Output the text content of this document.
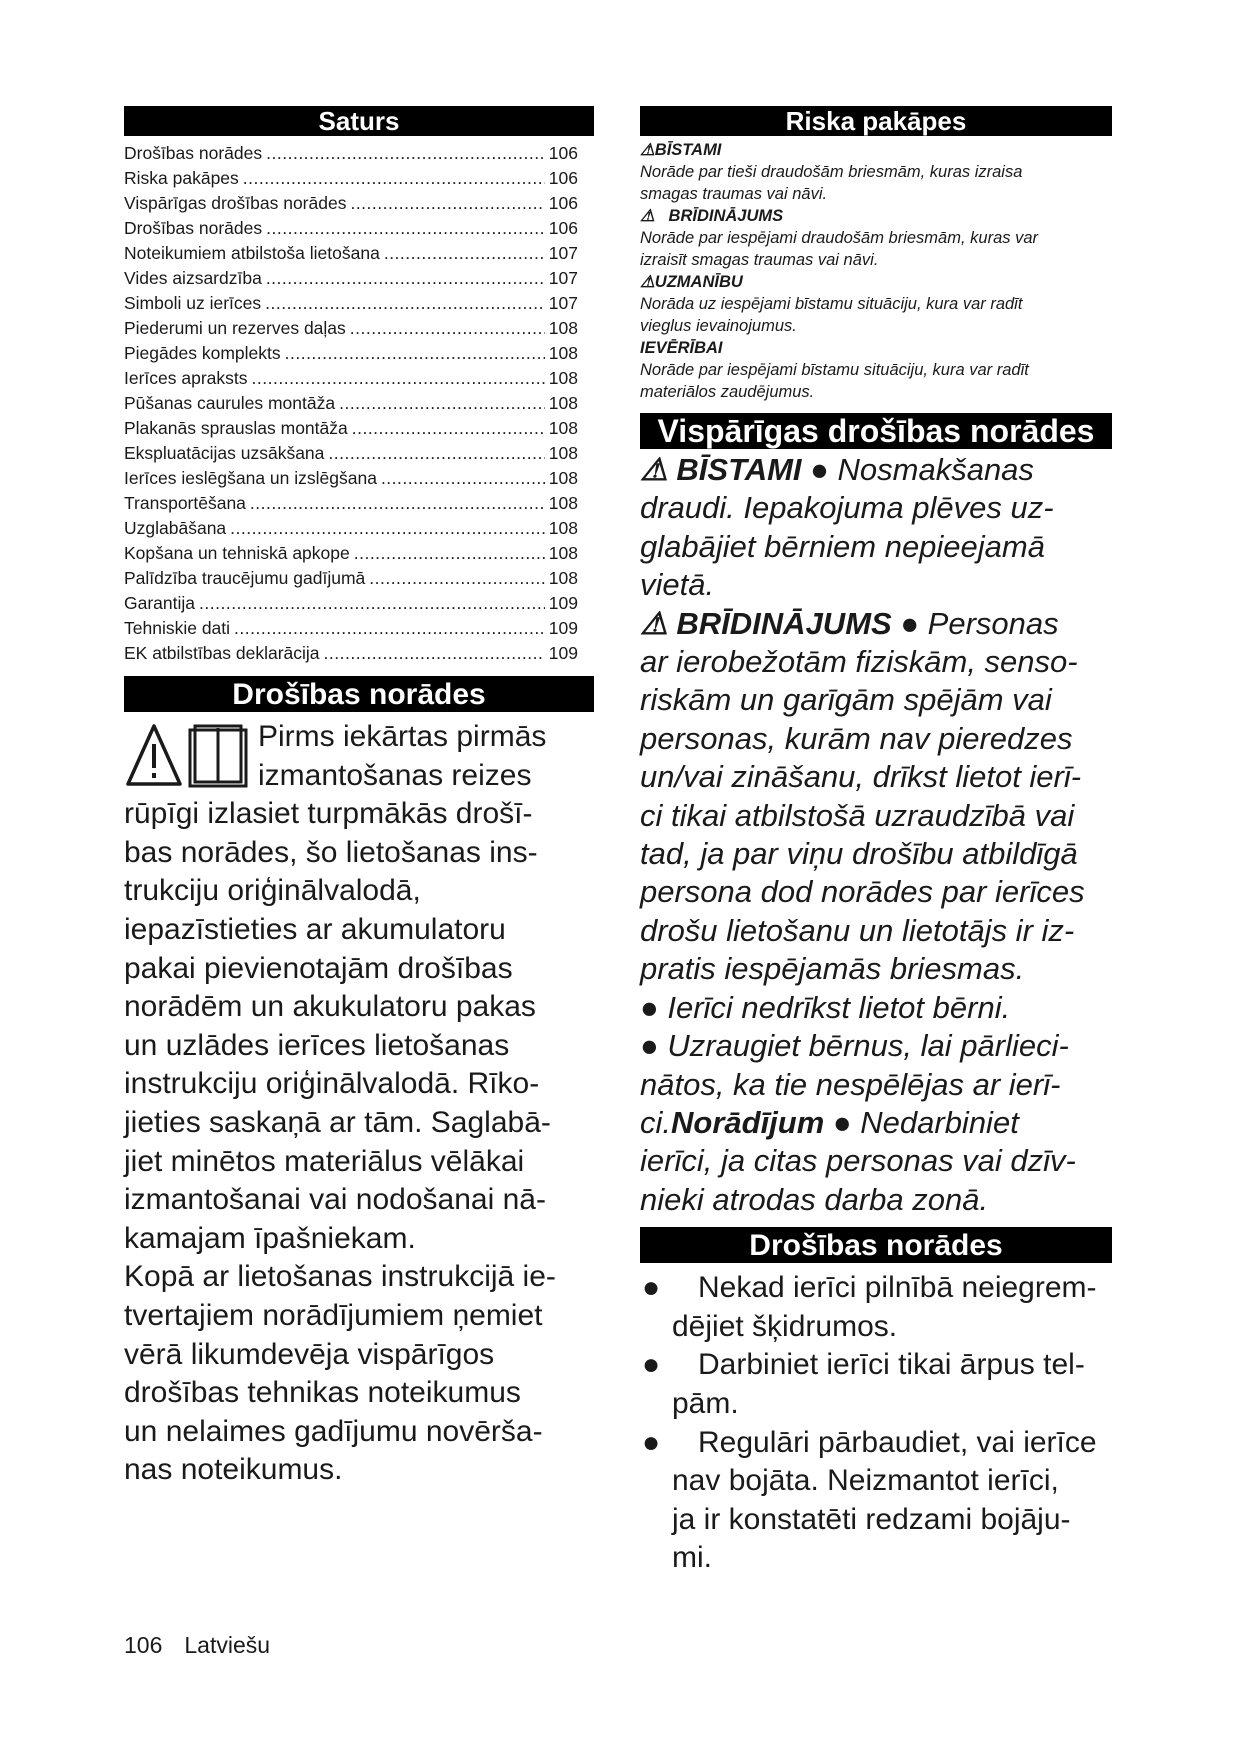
Saturs
Drošības norādes .....	106
Riska pakāpes .....	106
Vispārīgas drošības norādes .....	106
Drošības norādes .....	106
Noteikumiem atbilstoša lietošana .....	107
Vides aizsardzība .....	107
Simboli uz ierīces .....	107
Piederumi un rezerves daļas .....	108
Piegādes komplekts .....	108
Ierīces apraksts .....	108
Pūšanas caurules montāža .....	108
Plakanās sprauslas montāža .....	108
Ekspluatācijas uzsākšana .....	108
Ierīces ieslēgšana un izslēgšana .....	108
Transportēšana .....	108
Uzglabāšana .....	108
Kopšana un tehniskā apkope .....	108
Palīdzība traucējumu gadījumā .....	108
Garantija .....	109
Tehniskie dati .....	109
EK atbilstības deklarācija .....	109
Drošības norādes

Pirms iekārtas pirmās

izmantošanas reizes

rūpīgi izlasiet turpmākās drošī-

bas norādes, šo lietošanas ins-

trukciju oriģinālvalodā,

iepazīstieties ar akumulatoru

pakai pievienotajām drošības

norādēm un akukulatoru pakas

un uzlādes ierīces lietošanas

instrukciju oriģinālvalodā. Rīko-

jieties saskaņā ar tām. Saglabā-

jiet minētos materiālus vēlākai

izmantošanai vai nodošanai nā-

kamajam īpašniekam.

Kopā ar lietošanas instrukcijā ie-

tvertajiem norādījumiem ņemiet

vērā likumdevēja vispārīgos

drošības tehnikas noteikumus

un nelaimes gadījumu novērša-

nas noteikumus.

Riska pakāpes
⚠BĪSTAMI
Norāde par tieši draudošām briesmām, kuras izraisa
smagas traumas vai nāvi.
⚠   BRĪDINĀJUMS
Norāde par iespējami draudošām briesmām, kuras var
izraisīt smagas traumas vai nāvi.
⚠UZMANĪBU
Norāda uz iespējami bīstamu situāciju, kura var radīt
vieglus ievainojumus.
IEVĒRĪBAI
Norāde par iespējami bīstamu situāciju, kura var radīt
materiālos zaudējumus.
Vispārīgas drošības norādes

⚠ BĪSTAMI ● Nosmakšanas

draudi. Iepakojuma plēves uz-

glabājiet bērniem nepieejamā

vietā.

⚠ BRĪDINĀJUMS ● Personas

ar ierobežotām fiziskām, senso-

riskām un garīgām spējām vai

personas, kurām nav pieredzes

un/vai zināšanu, drīkst lietot ierī-

ci tikai atbilstošā uzraudzībā vai

tad, ja par viņu drošību atbildīgā

persona dod norādes par ierīces

drošu lietošanu un lietotājs ir iz-

pratis iespējamās briesmas.

● Ierīci nedrīkst lietot bērni.

● Uzraugiet bērnus, lai pārlieci-

nātos, ka tie nespēlējas ar ierī-

ci.Norādījum ● Nedarbiniet

ierīci, ja citas personas vai dzīv-

nieki atrodas darba zonā.

Drošības norādes
● Nekad ierīci pilnībā neiegrem-
dējiet šķidrumos.
● Darbiniet ierīci tikai ārpus tel-
pām.
● Regulāri pārbaudiet, vai ierīce
nav bojāta. Neizmantot ierīci,
ja ir konstatēti redzami bojāju-
mi.
106 Latviešu
